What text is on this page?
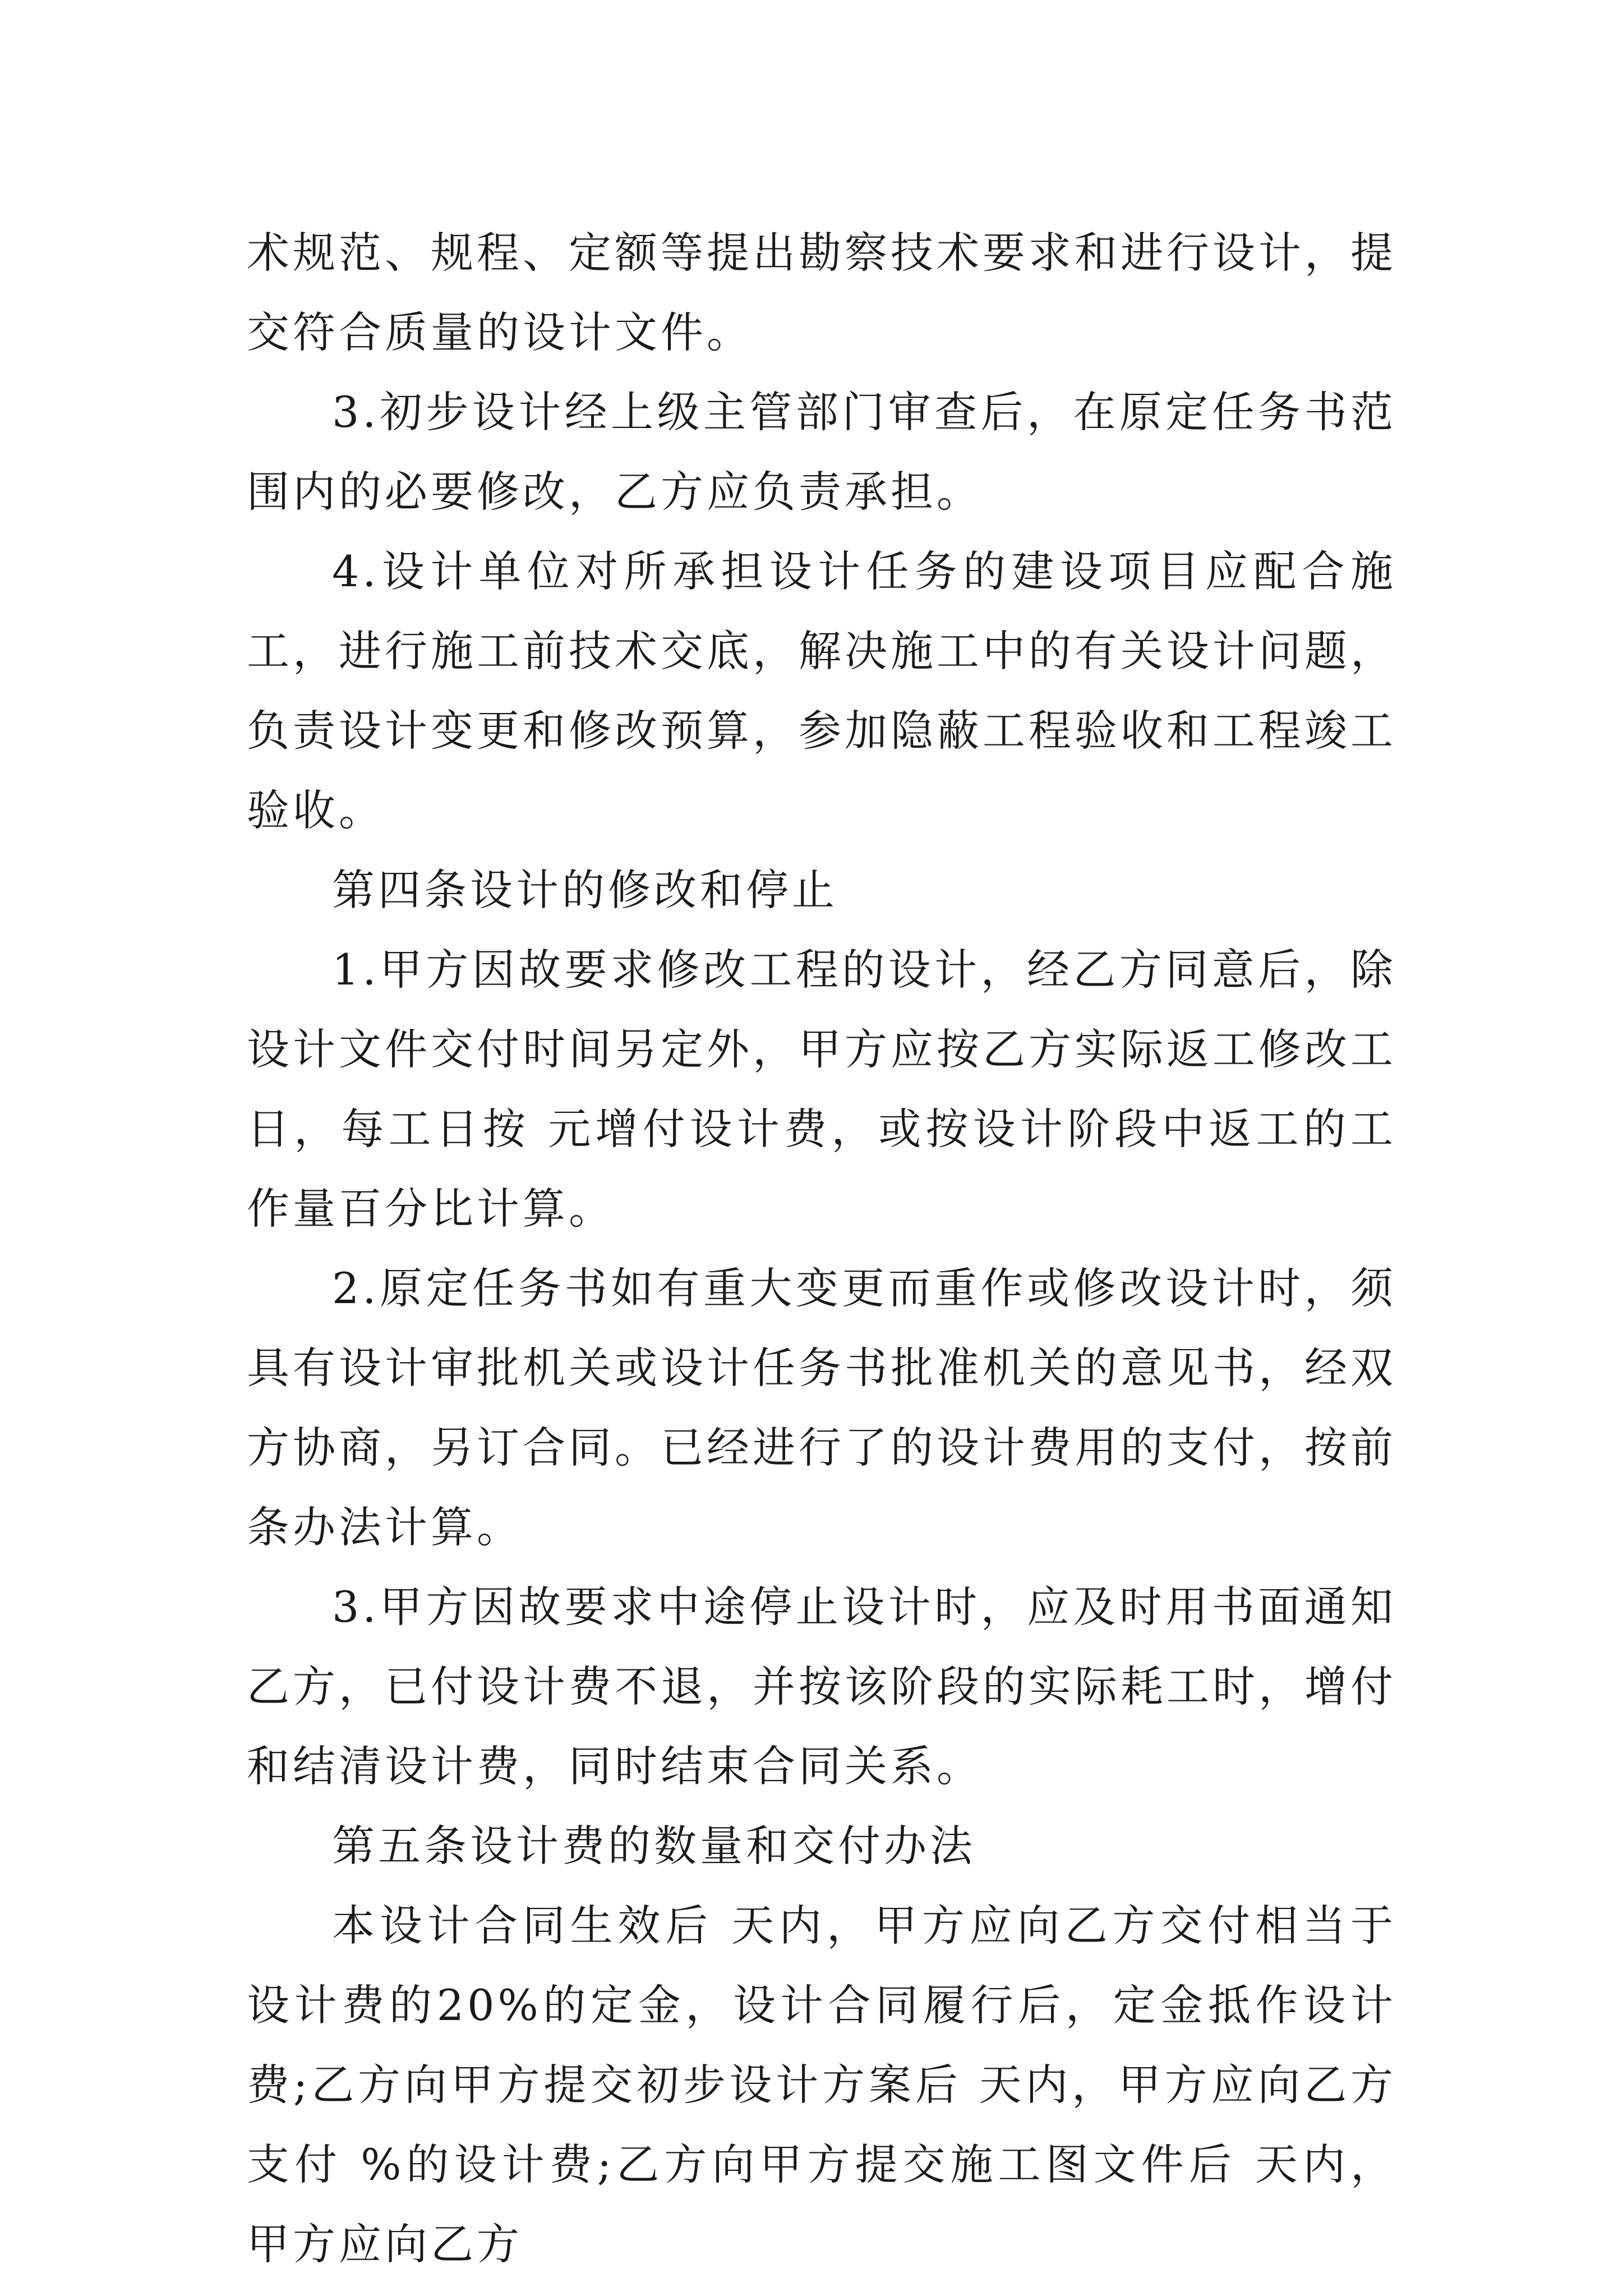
术规范、规程、定额等提出勘察技术要求和进行设计，提交符合质量的设计文件。

3.初步设计经上级主管部门审查后，在原定任务书范围内的必要修改，乙方应负责承担。

4.设计单位对所承担设计任务的建设项目应配合施工，进行施工前技术交底，解决施工中的有关设计问题，负责设计变更和修改预算，参加隐蔽工程验收和工程竣工验收。

第四条设计的修改和停止

1.甲方因故要求修改工程的设计，经乙方同意后，除设计文件交付时间另定外，甲方应按乙方实际返工修改工日，每工日按 元增付设计费，或按设计阶段中返工的工作量百分比计算。

2.原定任务书如有重大变更而重作或修改设计时，须具有设计审批机关或设计任务书批准机关的意见书，经双方协商，另订合同。已经进行了的设计费用的支付，按前条办法计算。

3.甲方因故要求中途停止设计时，应及时用书面通知乙方，已付设计费不退，并按该阶段的实际耗工时，增付和结清设计费，同时结束合同关系。

第五条设计费的数量和交付办法

本设计合同生效后 天内，甲方应向乙方交付相当于设计费的20%的定金，设计合同履行后，定金抵作设计费;乙方向甲方提交初步设计方案后 天内，甲方应向乙方支付 %的设计费;乙方向甲方提交施工图文件后 天内，甲方应向乙方
